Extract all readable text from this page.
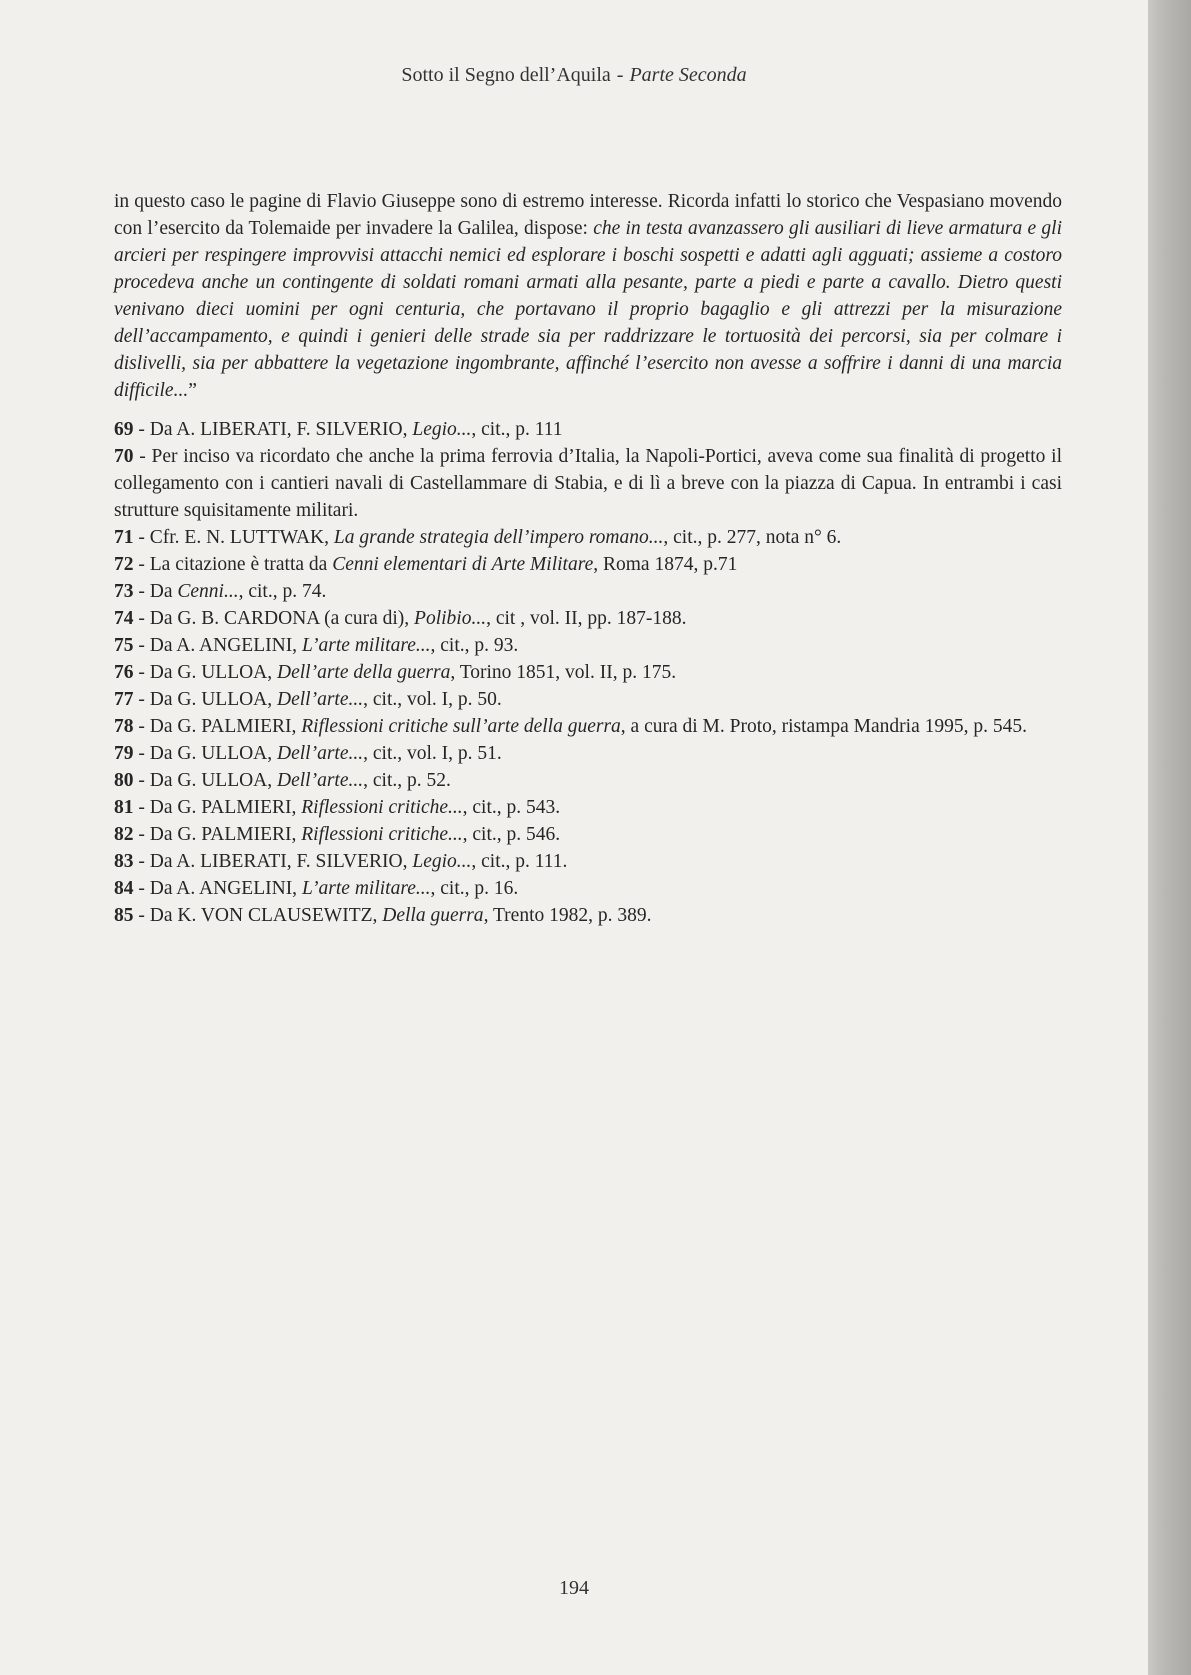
Sotto il Segno dell’Aquila - Parte Seconda

in questo caso le pagine di Flavio Giuseppe sono di estremo interesse. Ricorda infatti lo storico che Vespasiano movendo con l’esercito da Tolemaide per invadere la Galilea, dispose: che in testa avanzassero gli ausiliari di lieve armatura e gli arcieri per respingere improvvisi attacchi nemici ed esplorare i boschi sospetti e adatti agli agguati; assieme a costoro procedeva anche un contingente di soldati romani armati alla pesante, parte a piedi e parte a cavallo. Dietro questi venivano dieci uomini per ogni centuria, che portavano il proprio bagaglio e gli attrezzi per la misurazione dell’accampamento, e quindi i genieri delle strade sia per raddrizzare le tortuosità dei percorsi, sia per colmare i dislivelli, sia per abbattere la vegetazione ingombrante, affinché l’esercito non avesse a soffrire i danni di una marcia difficile...”

69 - Da A. LIBERATI, F. SILVERIO, Legio..., cit., p. 111

70 - Per inciso va ricordato che anche la prima ferrovia d’Italia, la Napoli-Portici, aveva come sua finalità di progetto il collegamento con i cantieri navali di Castellammare di Stabia, e di lì a breve con la piazza di Capua. In entrambi i casi strutture squisitamente militari.

71 - Cfr. E. N. LUTTWAK, La grande strategia dell’impero romano..., cit., p. 277, nota n° 6.

72 - La citazione è tratta da Cenni elementari di Arte Militare, Roma 1874, p.71

73 - Da Cenni..., cit., p. 74.

74 - Da G. B. CARDONA (a cura di), Polibio..., cit , vol. II, pp. 187-188.

75 - Da A. ANGELINI, L’arte militare..., cit., p. 93.

76 - Da G. ULLOA, Dell’arte della guerra, Torino 1851, vol. II, p. 175.

77 - Da G. ULLOA, Dell’arte..., cit., vol. I, p. 50.

78 - Da G. PALMIERI, Riflessioni critiche sull’arte della guerra, a cura di M. Proto, ristampa Mandria 1995, p. 545.

79 - Da G. ULLOA, Dell’arte..., cit., vol. I, p. 51.

80 - Da G. ULLOA, Dell’arte..., cit., p. 52.

81 - Da G. PALMIERI, Riflessioni critiche..., cit., p. 543.

82 - Da G. PALMIERI, Riflessioni critiche..., cit., p. 546.

83 - Da A. LIBERATI, F. SILVERIO, Legio..., cit., p. 111.

84 - Da A. ANGELINI, L’arte militare..., cit., p. 16.

85 - Da K. VON CLAUSEWITZ, Della guerra, Trento 1982, p. 389.

194
